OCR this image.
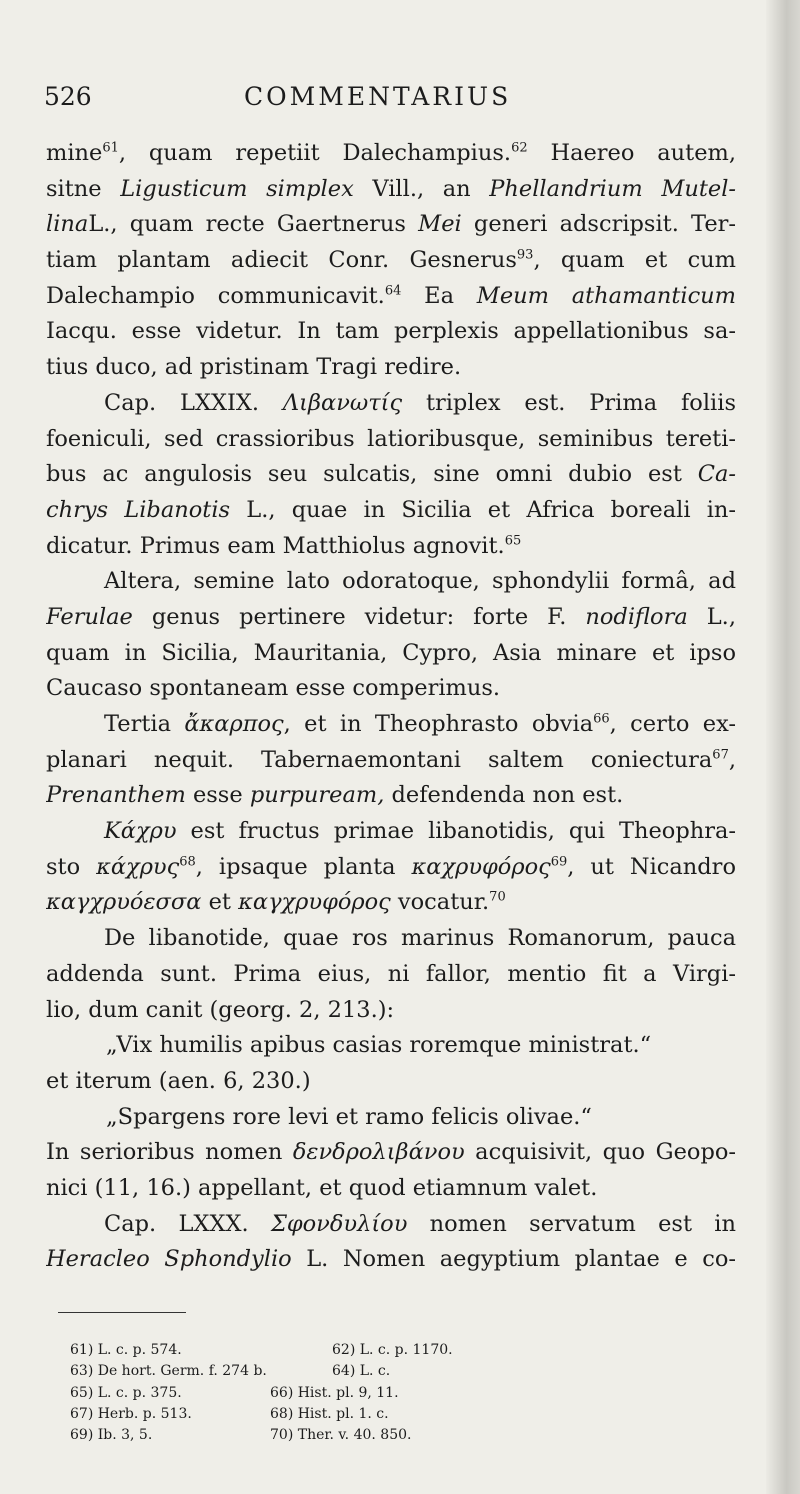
526	COMMENTARIUS
mine$^{61}$, quam repetiit Dalechampius.$^{62}$ Haereo autem,
sitne Ligusticum simplex Vill., an Phellandrium Mutel-
linaL., quam recte Gaertnerus Mei generi adscripsit. Ter-
tiam plantam adiecit Conr. Gesnerus$^{93}$, quam et cum
Dalechampio communicavit.$^{64}$ Ea Meum athamanticum
Iacqu. esse videtur. In tam perplexis appellationibus sa-
tius duco, ad pristinam Tragi redire.
Cap. LXXIX. Λιβανωτίς triplex est. Prima foliis
foeniculi, sed crassioribus latioribusque, seminibus tereti-
bus ac angulosis seu sulcatis, sine omni dubio est Ca-
chrys Libanotis L., quae in Sicilia et Africa boreali in-
dicatur. Primus eam Matthiolus agnovit.$^{65}$
Altera, semine lato odoratoque, sphondylii formâ, ad
Ferulae genus pertinere videtur: forte F. nodiflora L.,
quam in Sicilia, Mauritania, Cypro, Asia minare et ipso
Caucaso spontaneam esse comperimus.
Tertia ἄκαρπος, et in Theophrasto obvia$^{66}$, certo ex-
planari nequit. Tabernaemontani saltem coniectura$^{67}$,
Prenanthem esse purpuream, defendenda non est.
Κάχρυ est fructus primae libanotidis, qui Theophra-
sto κάχρυς$^{68}$, ipsaque planta καχρυφόρος$^{69}$, ut Nicandro
καγχρυόεσσα et καγχρυφόρος vocatur.$^{70}$
De libanotide, quae ros marinus Romanorum, pauca
addenda sunt. Prima eius, ni fallor, mentio fit a Virgi-
lio, dum canit (georg. 2, 213.):
„Vix humilis apibus casias roremque ministrat.“
et iterum (aen. 6, 230.)
„Spargens rore levi et ramo felicis olivae.“
In serioribus nomen δενδρολιβάνου acquisivit, quo Geopo-
nici (11, 16.) appellant, et quod etiamnum valet.
Cap. LXXX. Σφονδυλίου nomen servatum est in
Heracleo Sphondylio L. Nomen aegyptium plantae e co-
61) L. c. p. 574.	62) L. c. p. 1170.
63) De hort. Germ. f. 274 b.	64) L. c.
65) L. c. p. 375.	66) Hist. pl. 9, 11.
67) Herb. p. 513.	68) Hist. pl. 1. c.
69) Ib. 3, 5.	70) Ther. v. 40. 850.
